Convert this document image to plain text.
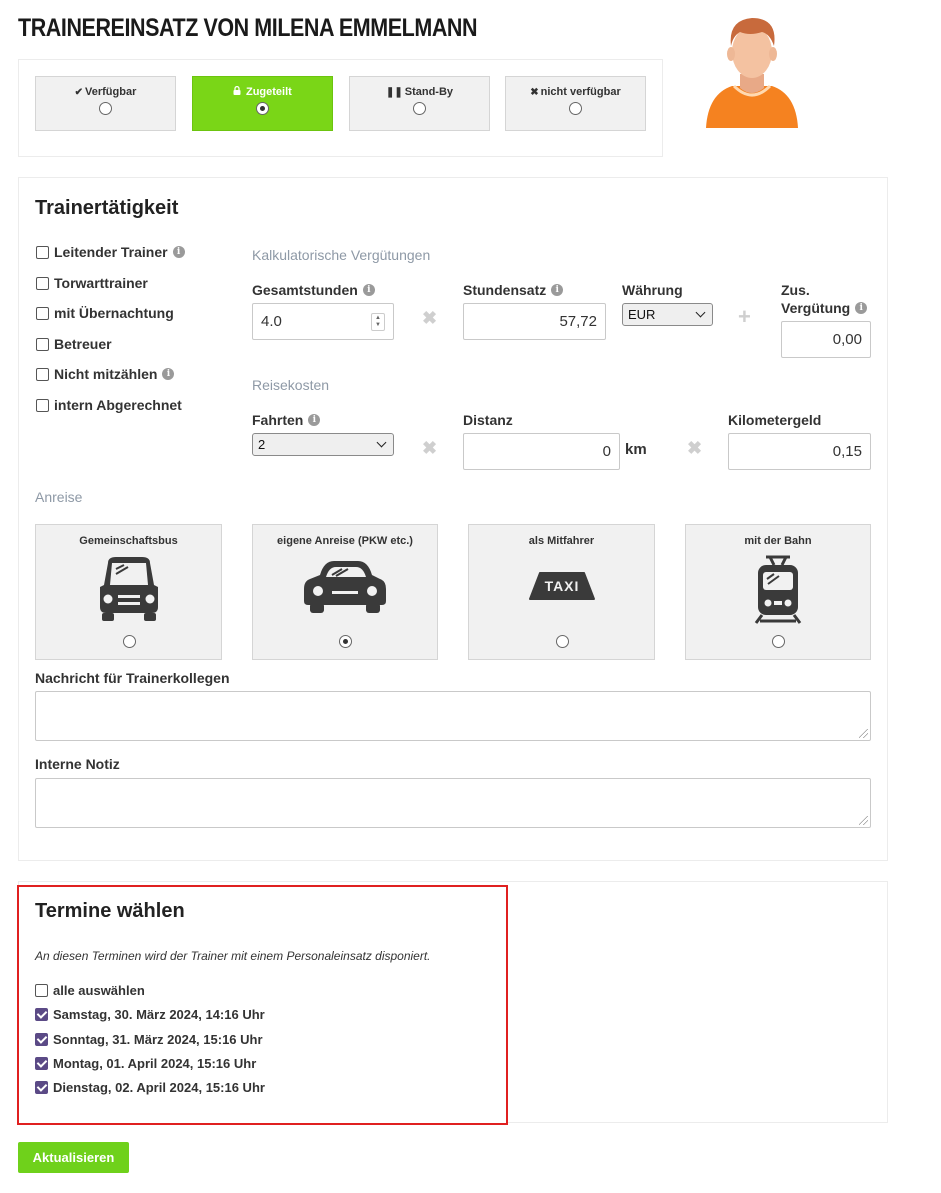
TRAINEREINSATZ VON MILENA EMMELMANN
✔ Verfügbar	Zugeteilt	❚❚ Stand-By	✖ nicht verfügbar
Trainertätigkeit
Leitender Trainer	i
Torwarttrainer
mit Übernachtung
Betreuer
Nicht mitzählen	i
intern Abgerechnet
Kalkulatorische Vergütungen
Gesamtstunden	i
4.0	▲
▼ ✖
Stundensatz	i
57,72
Währung
EUR	+
Zus.
Vergütung	i
0,00
Reisekosten
Fahrten	i
2	✖
Distanz
0 km ✖
Kilometergeld
0,15
Anreise
Gemeinschaftsbus	eigene Anreise (PKW etc.)	als Mitfahrer
TAXI
mit der Bahn
Nachricht für Trainerkollegen
Interne Notiz
Termine wählen
An diesen Terminen wird der Trainer mit einem Personaleinsatz disponiert.
alle auswählen
Samstag, 30. März 2024, 14:16 Uhr
Sonntag, 31. März 2024, 15:16 Uhr
Montag, 01. April 2024, 15:16 Uhr
Dienstag, 02. April 2024, 15:16 Uhr
Aktualisieren
